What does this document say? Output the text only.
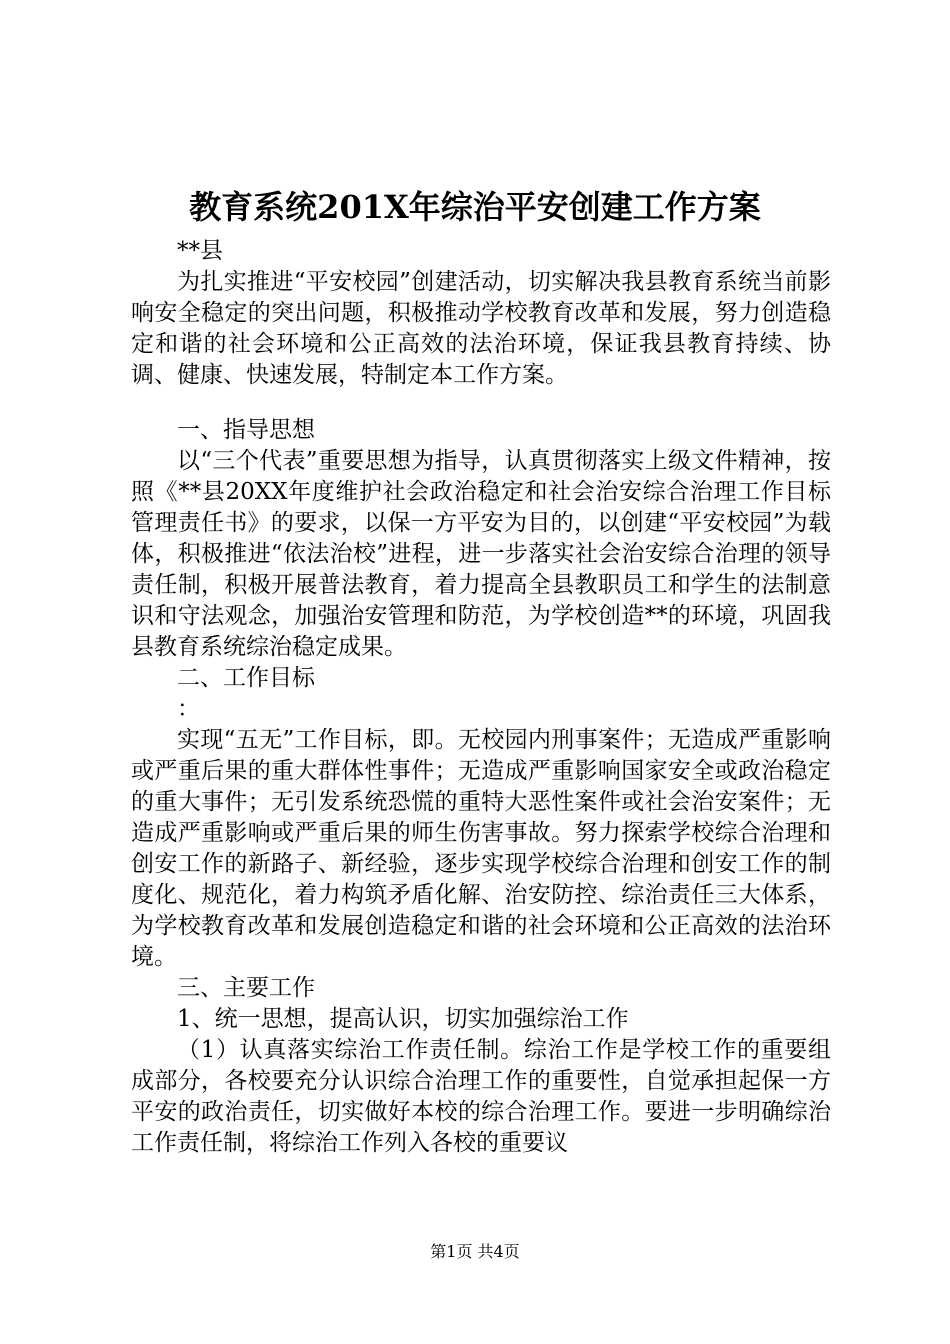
教育系统201X年综治平安创建工作方案

**县

为扎实推进“平安校园”创建活动，切实解决我县教育系统当前影响安全稳定的突出问题，积极推动学校教育改革和发展，努力创造稳定和谐的社会环境和公正高效的法治环境，保证我县教育持续、协调、健康、快速发展，特制定本工作方案。

一、指导思想

以“三个代表”重要思想为指导，认真贯彻落实上级文件精神，按照《**县20XX年度维护社会政治稳定和社会治安综合治理工作目标管理责任书》的要求，以保一方平安为目的，以创建“平安校园”为载体，积极推进“依法治校”进程，进一步落实社会治安综合治理的领导责任制，积极开展普法教育，着力提高全县教职员工和学生的法制意识和守法观念，加强治安管理和防范，为学校创造**的环境，巩固我县教育系统综治稳定成果。

二、工作目标

：

实现“五无”工作目标，即。无校园内刑事案件；无造成严重影响或严重后果的重大群体性事件；无造成严重影响国家安全或政治稳定的重大事件；无引发系统恐慌的重特大恶性案件或社会治安案件；无造成严重影响或严重后果的师生伤害事故。努力探索学校综合治理和创安工作的新路子、新经验，逐步实现学校综合治理和创安工作的制度化、规范化，着力构筑矛盾化解、治安防控、综治责任三大体系，为学校教育改革和发展创造稳定和谐的社会环境和公正高效的法治环境。

三、主要工作

1、统一思想，提高认识，切实加强综治工作

（1）认真落实综治工作责任制。综治工作是学校工作的重要组成部分，各校要充分认识综合治理工作的重要性，自觉承担起保一方平安的政治责任，切实做好本校的综合治理工作。要进一步明确综治工作责任制，将综治工作列入各校的重要议

第1页 共4页
